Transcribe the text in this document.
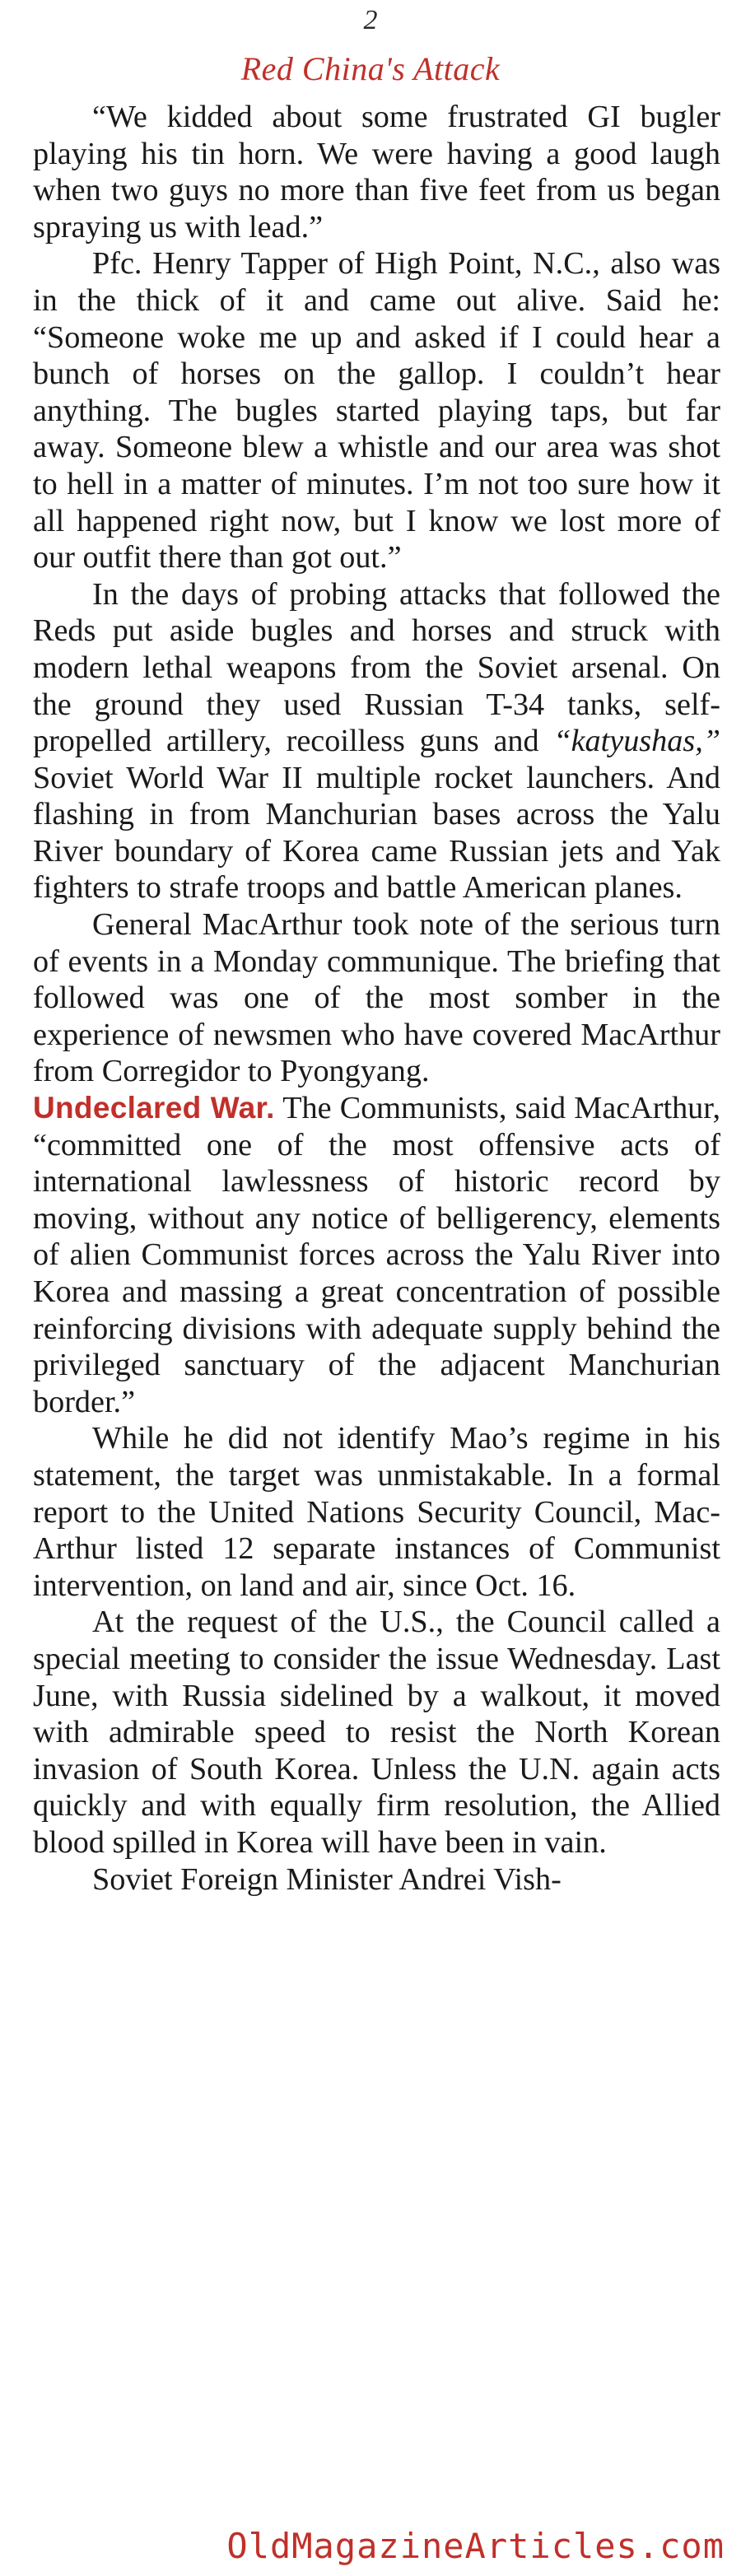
2
Red China's Attack

“We kidded about some frustrated GI bugler playing his tin horn. We were having a good laugh when two guys no more than five feet from us began spraying us with lead.”

Pfc. Henry Tapper of High Point, N.C., also was in the thick of it and came out alive. Said he: “Someone woke me up and asked if I could hear a bunch of horses on the gallop. I couldn’t hear anything. The bugles started playing taps, but far away. Someone blew a whistle and our area was shot to hell in a matter of minutes. I’m not too sure how it all happened right now, but I know we lost more of our outfit there than got out.”

In the days of probing attacks that followed the Reds put aside bugles and horses and struck with modern lethal weapons from the Soviet arsenal. On the ground they used Russian T-34 tanks, self-propelled artillery, recoilless guns and “katyushas,” Soviet World War II multiple rocket launchers. And flashing in from Manchurian bases across the Yalu River boundary of Korea came Russian jets and Yak fighters to strafe troops and battle American planes.

General MacArthur took note of the serious turn of events in a Monday communique. The briefing that followed was one of the most somber in the experience of newsmen who have covered MacArthur from Corregidor to Pyongyang.

Undeclared War. The Communists, said MacArthur, “committed one of the most offensive acts of international lawlessness of historic record by moving, without any notice of belligerency, elements of alien Communist forces across the Yalu River into Korea and massing a great concentration of possible reinforcing divisions with adequate supply behind the privileged sanctuary of the adjacent Manchurian border.”

While he did not identify Mao’s regime in his statement, the target was unmistakable. In a formal report to the United Nations Security Council, MacArthur listed 12 separate instances of Communist intervention, on land and air, since Oct. 16.

At the request of the U.S., the Council called a special meeting to consider the issue Wednesday. Last June, with Russia sidelined by a walkout, it moved with admirable speed to resist the North Korean invasion of South Korea. Unless the U.N. again acts quickly and with equally firm resolution, the Allied blood spilled in Korea will have been in vain.

Soviet Foreign Minister Andrei Vish-

OldMagazineArticles.com
